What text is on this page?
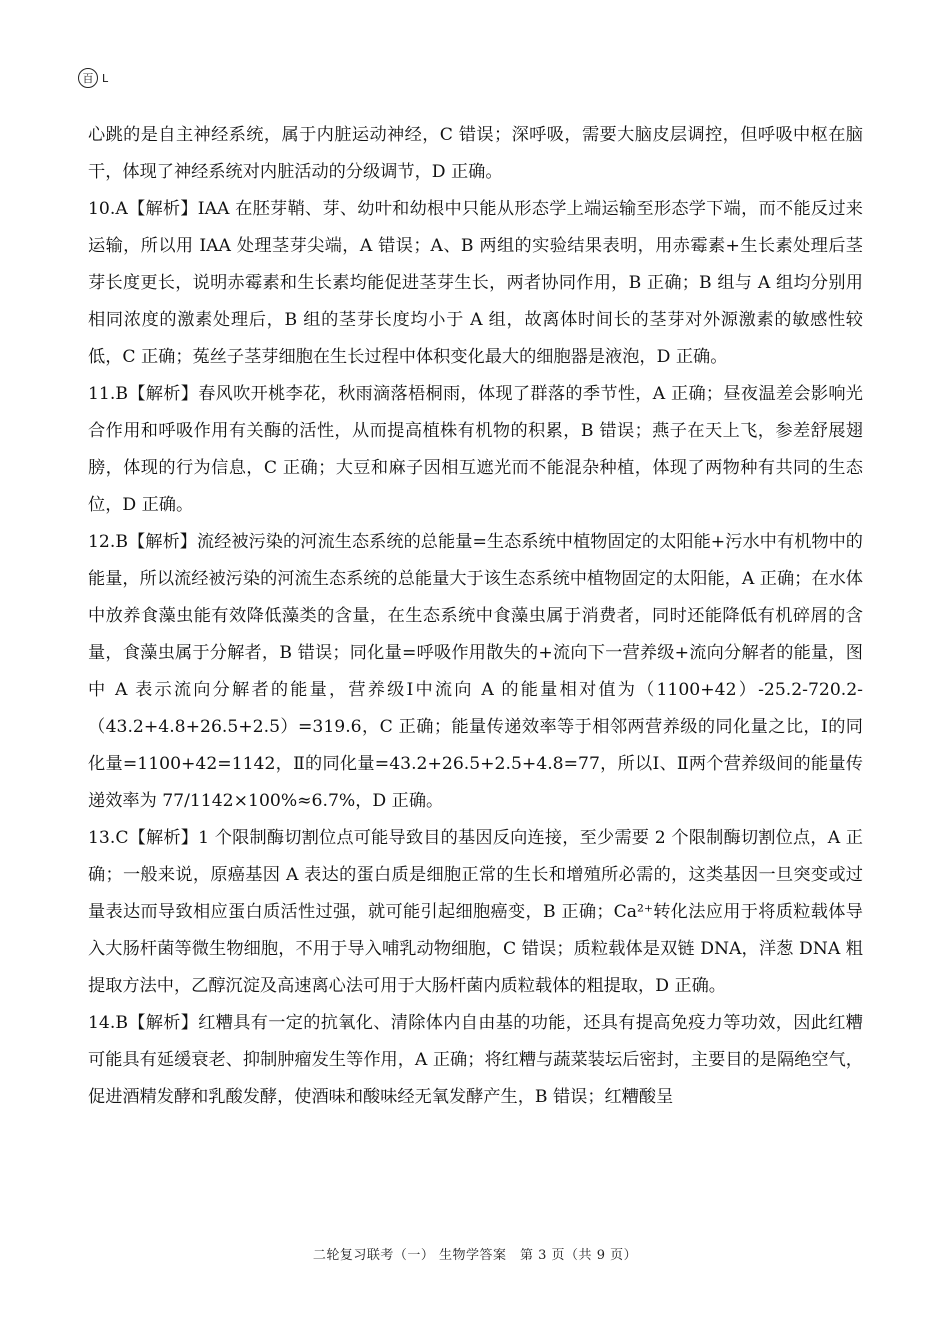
百 L

心跳的是自主神经系统，属于内脏运动神经，C 错误；深呼吸，需要大脑皮层调控，但呼吸中枢在脑干，体现了神经系统对内脏活动的分级调节，D 正确。

10.A【解析】IAA 在胚芽鞘、芽、幼叶和幼根中只能从形态学上端运输至形态学下端，而不能反过来运输，所以用 IAA 处理茎芽尖端，A 错误；A、B 两组的实验结果表明，用赤霉素+生长素处理后茎芽长度更长，说明赤霉素和生长素均能促进茎芽生长，两者协同作用，B 正确；B 组与 A 组均分别用相同浓度的激素处理后，B 组的茎芽长度均小于 A 组，故离体时间长的茎芽对外源激素的敏感性较低，C 正确；菟丝子茎芽细胞在生长过程中体积变化最大的细胞器是液泡，D 正确。

11.B【解析】春风吹开桃李花，秋雨滴落梧桐雨，体现了群落的季节性，A 正确；昼夜温差会影响光合作用和呼吸作用有关酶的活性，从而提高植株有机物的积累，B 错误；燕子在天上飞，参差舒展翅膀，体现的行为信息，C 正确；大豆和麻子因相互遮光而不能混杂种植，体现了两物种有共同的生态位，D 正确。

12.B【解析】流经被污染的河流生态系统的总能量=生态系统中植物固定的太阳能+污水中有机物中的能量，所以流经被污染的河流生态系统的总能量大于该生态系统中植物固定的太阳能，A 正确；在水体中放养食藻虫能有效降低藻类的含量，在生态系统中食藻虫属于消费者，同时还能降低有机碎屑的含量，食藻虫属于分解者，B 错误；同化量=呼吸作用散失的+流向下一营养级+流向分解者的能量，图中 A 表示流向分解者的能量，营养级Ⅰ中流向 A 的能量相对值为（1100+42）-25.2-720.2-（43.2+4.8+26.5+2.5）=319.6，C 正确；能量传递效率等于相邻两营养级的同化量之比，Ⅰ的同化量=1100+42=1142，Ⅱ的同化量=43.2+26.5+2.5+4.8=77，所以Ⅰ、Ⅱ两个营养级间的能量传递效率为 77/1142×100%≈6.7%，D 正确。

13.C【解析】1 个限制酶切割位点可能导致目的基因反向连接，至少需要 2 个限制酶切割位点，A 正确；一般来说，原癌基因 A 表达的蛋白质是细胞正常的生长和增殖所必需的，这类基因一旦突变或过量表达而导致相应蛋白质活性过强，就可能引起细胞癌变，B 正确；Ca²⁺转化法应用于将质粒载体导入大肠杆菌等微生物细胞，不用于导入哺乳动物细胞，C 错误；质粒载体是双链 DNA，洋葱 DNA 粗提取方法中，乙醇沉淀及高速离心法可用于大肠杆菌内质粒载体的粗提取，D 正确。

14.B【解析】红糟具有一定的抗氧化、清除体内自由基的功能，还具有提高免疫力等功效，因此红糟可能具有延缓衰老、抑制肿瘤发生等作用，A 正确；将红糟与蔬菜装坛后密封，主要目的是隔绝空气，促进酒精发酵和乳酸发酵，使酒味和酸味经无氧发酵产生，B 错误；红糟酸呈

二轮复习联考（一） 生物学答案　第 3 页（共 9 页）
